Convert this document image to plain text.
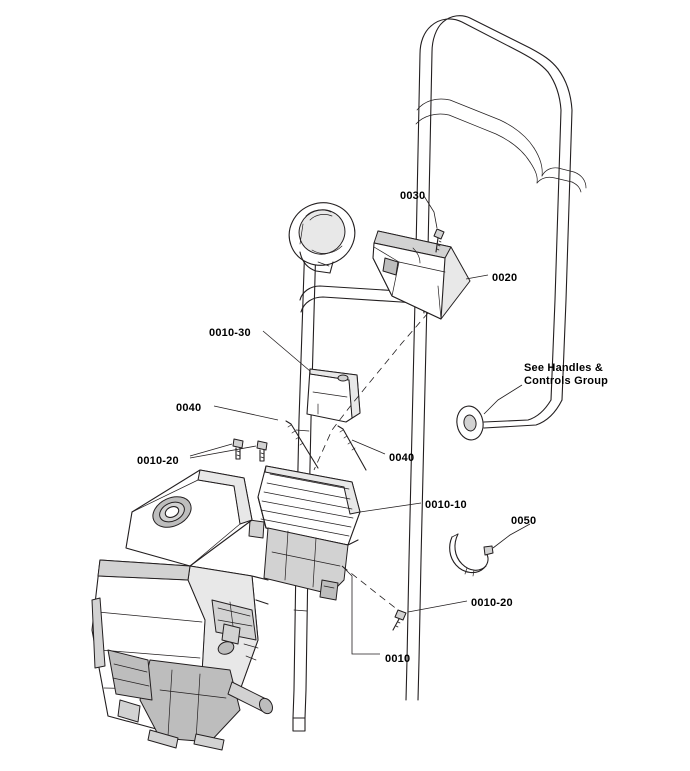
0030
0020
0010-30
0040
0010-20	0040
0010-10
0050
0010-20
0010
See Handles &
Controls Group
